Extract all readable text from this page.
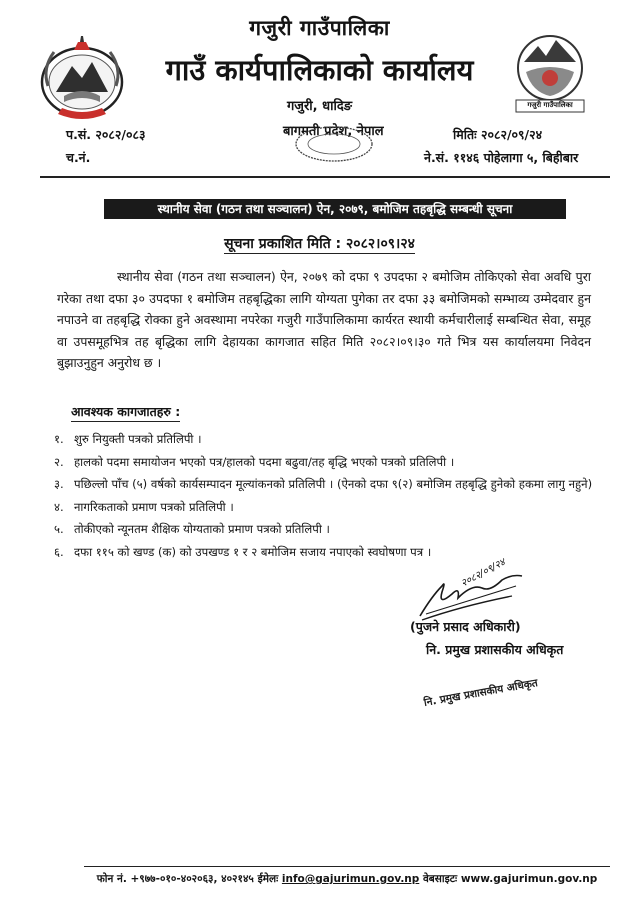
गजुरी गाउँपालिका
गाउँ कार्यपालिकाको कार्यालय
गजुरी, धादिङ	गजुरी गाउँपालिका
प.सं. २०८२/०८३
च.नं.
बागमती प्रदेश, नेपाल	मितिः २०८२/०९/२४
ने.सं. ११४६ पोहेलागा ५, बिहीबार
स्थानीय सेवा (गठन तथा सञ्चालन) ऐन, २०७९, बमोजिम तहबृद्धि सम्बन्धी सूचना
सूचना प्रकाशित मिति : २०८२।०९।२४
स्थानीय सेवा (गठन तथा सञ्चालन) ऐन, २०७९ को दफा ९ उपदफा २ बमोजिम तोकिएको सेवा अवधि पुरा गरेका तथा दफा ३० उपदफा १ बमोजिम तहबृद्धिका लागि योग्यता पुगेका तर दफा ३३ बमोजिमको सम्भाव्य उम्मेदवार हुन नपाउने वा तहबृद्धि रोक्का हुने अवस्थामा नपरेका गजुरी गाउँपालिकामा कार्यरत स्थायी कर्मचारीलाई सम्बन्धित सेवा, समूह वा उपसमूहभित्र तह बृद्धिका लागि देहायका कागजात सहित मिति २०८२।०९।३० गते भित्र यस कार्यालयमा निवेदन बुझाउनुहुन अनुरोध छ ।
आवश्यक कागजातहरु :
१. शुरु नियुक्ती पत्रको प्रतिलिपी ।
२. हालको पदमा समायोजन भएको पत्र/हालको पदमा बढुवा/तह बृद्धि भएको पत्रको प्रतिलिपी ।
३. पछिल्लो पाँच (५) वर्षको कार्यसम्पादन मूल्यांकनको प्रतिलिपी । (ऐनको दफा ९(२) बमोजिम तहबृद्धि हुनेको हकमा लागु नहुने)
४. नागरिकताको प्रमाण पत्रको प्रतिलिपी ।
५. तोकीएको न्यूनतम शैक्षिक योग्यताको प्रमाण पत्रको प्रतिलिपी ।
६. दफा ११५ को खण्ड (क) को उपखण्ड १ र २ बमोजिम सजाय नपाएको स्वघोषणा पत्र ।
२०८२/०९/२४
(पुजने प्रसाद अधिकारी)
नि. प्रमुख प्रशासकीय अधिकृत
नि. प्रमुख प्रशासकीय अधिकृत
फोन नं. +९७७-०१०-४०२०६३, ४०२१४५ ईमेलः info@gajurimun.gov.np वेबसाइटः www.gajurimun.gov.np
